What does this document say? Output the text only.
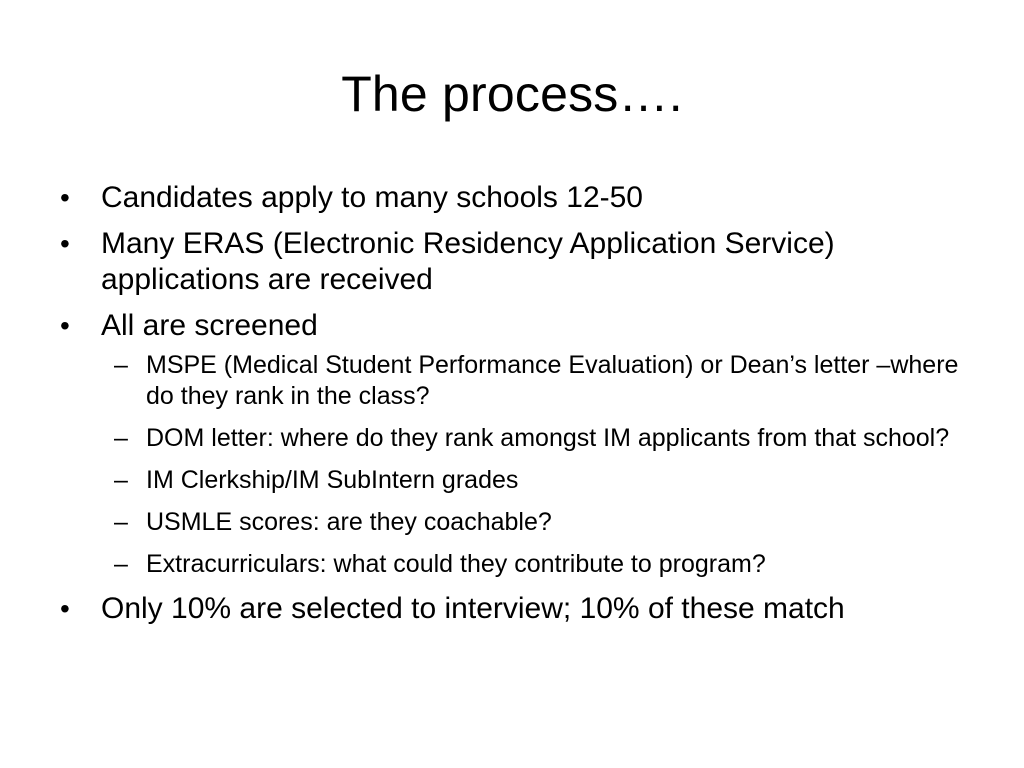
The process….
•	Candidates apply to many schools 12-50
•	Many ERAS (Electronic Residency Application Service) applications are received
•	All are screened
– MSPE (Medical Student Performance Evaluation) or Dean’s letter –where do they rank in the class?
– DOM letter: where do they rank amongst IM applicants from that school?
– IM Clerkship/IM SubIntern grades
– USMLE scores: are they coachable?
– Extracurriculars: what could they contribute to program?
•	Only 10% are selected to interview; 10% of these match
